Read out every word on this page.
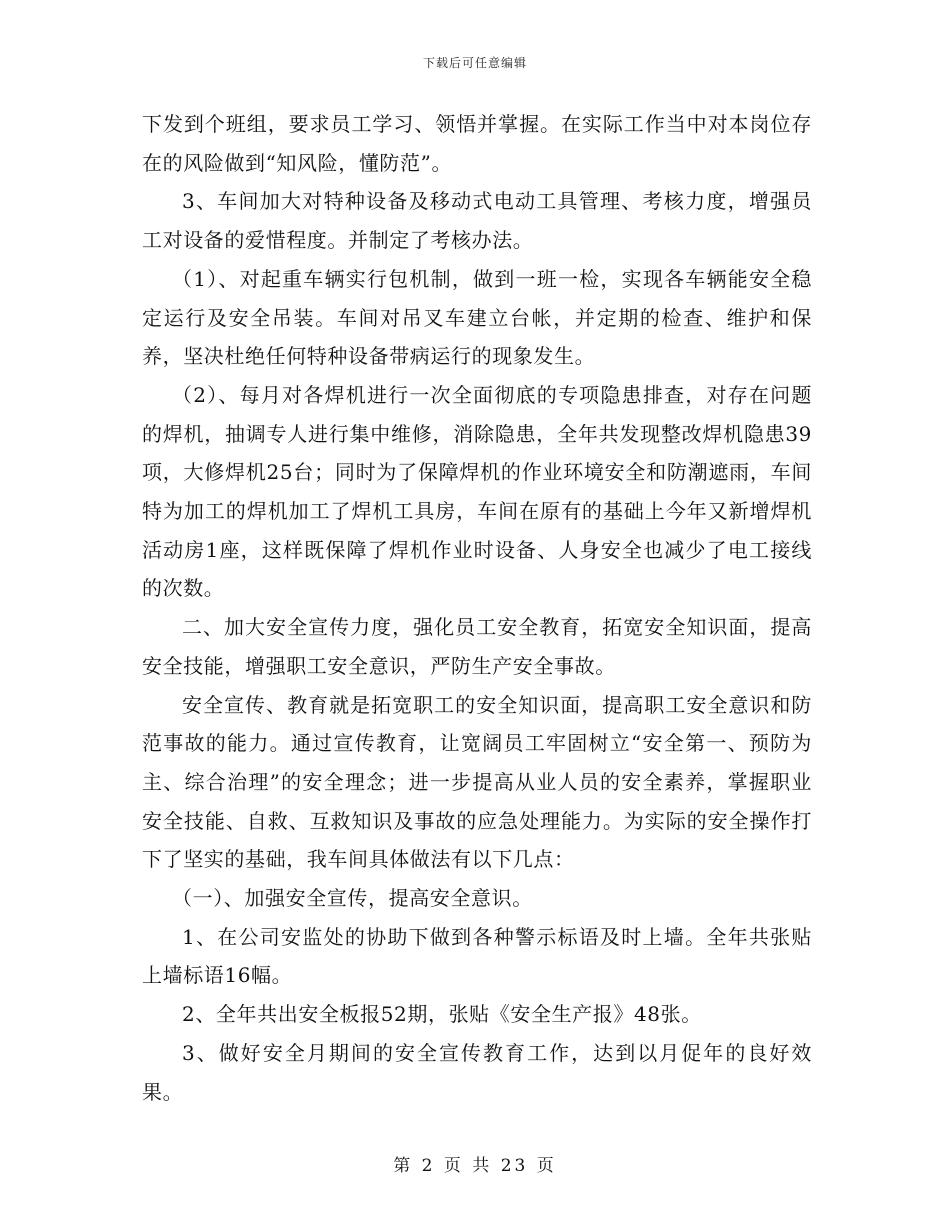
下载后可任意编辑

下发到个班组，要求员工学习、领悟并掌握。在实际工作当中对本岗位存在的风险做到“知风险，懂防范”。

3、车间加大对特种设备及移动式电动工具管理、考核力度，增强员工对设备的爱惜程度。并制定了考核办法。

（1）、对起重车辆实行包机制，做到一班一检，实现各车辆能安全稳定运行及安全吊装。车间对吊叉车建立台帐，并定期的检查、维护和保养，坚决杜绝任何特种设备带病运行的现象发生。

（2）、每月对各焊机进行一次全面彻底的专项隐患排查，对存在问题的焊机，抽调专人进行集中维修，消除隐患，全年共发现整改焊机隐患39项，大修焊机25台；同时为了保障焊机的作业环境安全和防潮遮雨，车间特为加工的焊机加工了焊机工具房，车间在原有的基础上今年又新增焊机活动房1座，这样既保障了焊机作业时设备、人身安全也减少了电工接线的次数。

二、加大安全宣传力度，强化员工安全教育，拓宽安全知识面，提高安全技能，增强职工安全意识，严防生产安全事故。

安全宣传、教育就是拓宽职工的安全知识面，提高职工安全意识和防范事故的能力。通过宣传教育，让宽阔员工牢固树立“安全第一、预防为主、综合治理”的安全理念；进一步提高从业人员的安全素养，掌握职业安全技能、自救、互救知识及事故的应急处理能力。为实际的安全操作打下了坚实的基础，我车间具体做法有以下几点：

（一）、加强安全宣传，提高安全意识。

1、在公司安监处的协助下做到各种警示标语及时上墙。全年共张贴上墙标语16幅。

2、全年共出安全板报52期，张贴《安全生产报》48张。

3、做好安全月期间的安全宣传教育工作，达到以月促年的良好效果。

第 2 页 共 23 页
